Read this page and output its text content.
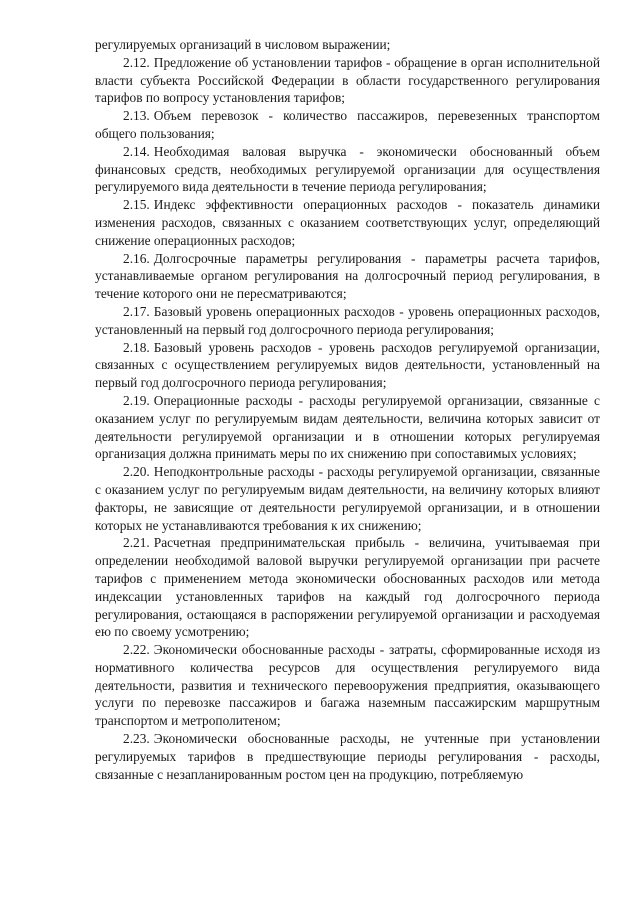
регулируемых организаций в числовом выражении;

2.12. Предложение об установлении тарифов - обращение в орган исполнительной власти субъекта Российской Федерации в области государственного регулирования тарифов по вопросу установления тарифов;

2.13. Объем перевозок - количество пассажиров, перевезенных транспортом общего пользования;

2.14. Необходимая валовая выручка - экономически обоснованный объем финансовых средств, необходимых регулируемой организации для осуществления регулируемого вида деятельности в течение периода регулирования;

2.15. Индекс эффективности операционных расходов - показатель динамики изменения расходов, связанных с оказанием соответствующих услуг, определяющий снижение операционных расходов;

2.16. Долгосрочные параметры регулирования - параметры расчета тарифов, устанавливаемые органом регулирования на долгосрочный период регулирования, в течение которого они не пересматриваются;

2.17. Базовый уровень операционных расходов - уровень операционных расходов, установленный на первый год долгосрочного периода регулирования;

2.18. Базовый уровень расходов - уровень расходов регулируемой организации, связанных с осуществлением регулируемых видов деятельности, установленный на первый год долгосрочного периода регулирования;

2.19. Операционные расходы - расходы регулируемой организации, связанные с оказанием услуг по регулируемым видам деятельности, величина которых зависит от деятельности регулируемой организации и в отношении которых регулируемая организация должна принимать меры по их снижению при сопоставимых условиях;

2.20. Неподконтрольные расходы - расходы регулируемой организации, связанные с оказанием услуг по регулируемым видам деятельности, на величину которых влияют факторы, не зависящие от деятельности регулируемой организации, и в отношении которых не устанавливаются требования к их снижению;

2.21. Расчетная предпринимательская прибыль - величина, учитываемая при определении необходимой валовой выручки регулируемой организации при расчете тарифов с применением метода экономически обоснованных расходов или метода индексации установленных тарифов на каждый год долгосрочного периода регулирования, остающаяся в распоряжении регулируемой организации и расходуемая ею по своему усмотрению;

2.22. Экономически обоснованные расходы - затраты, сформированные исходя из нормативного количества ресурсов для осуществления регулируемого вида деятельности, развития и технического перевооружения предприятия, оказывающего услуги по перевозке пассажиров и багажа наземным пассажирским маршрутным транспортом и метрополитеном;

2.23. Экономически обоснованные расходы, не учтенные при установлении регулируемых тарифов в предшествующие периоды регулирования - расходы, связанные с незапланированным ростом цен на продукцию, потребляемую
